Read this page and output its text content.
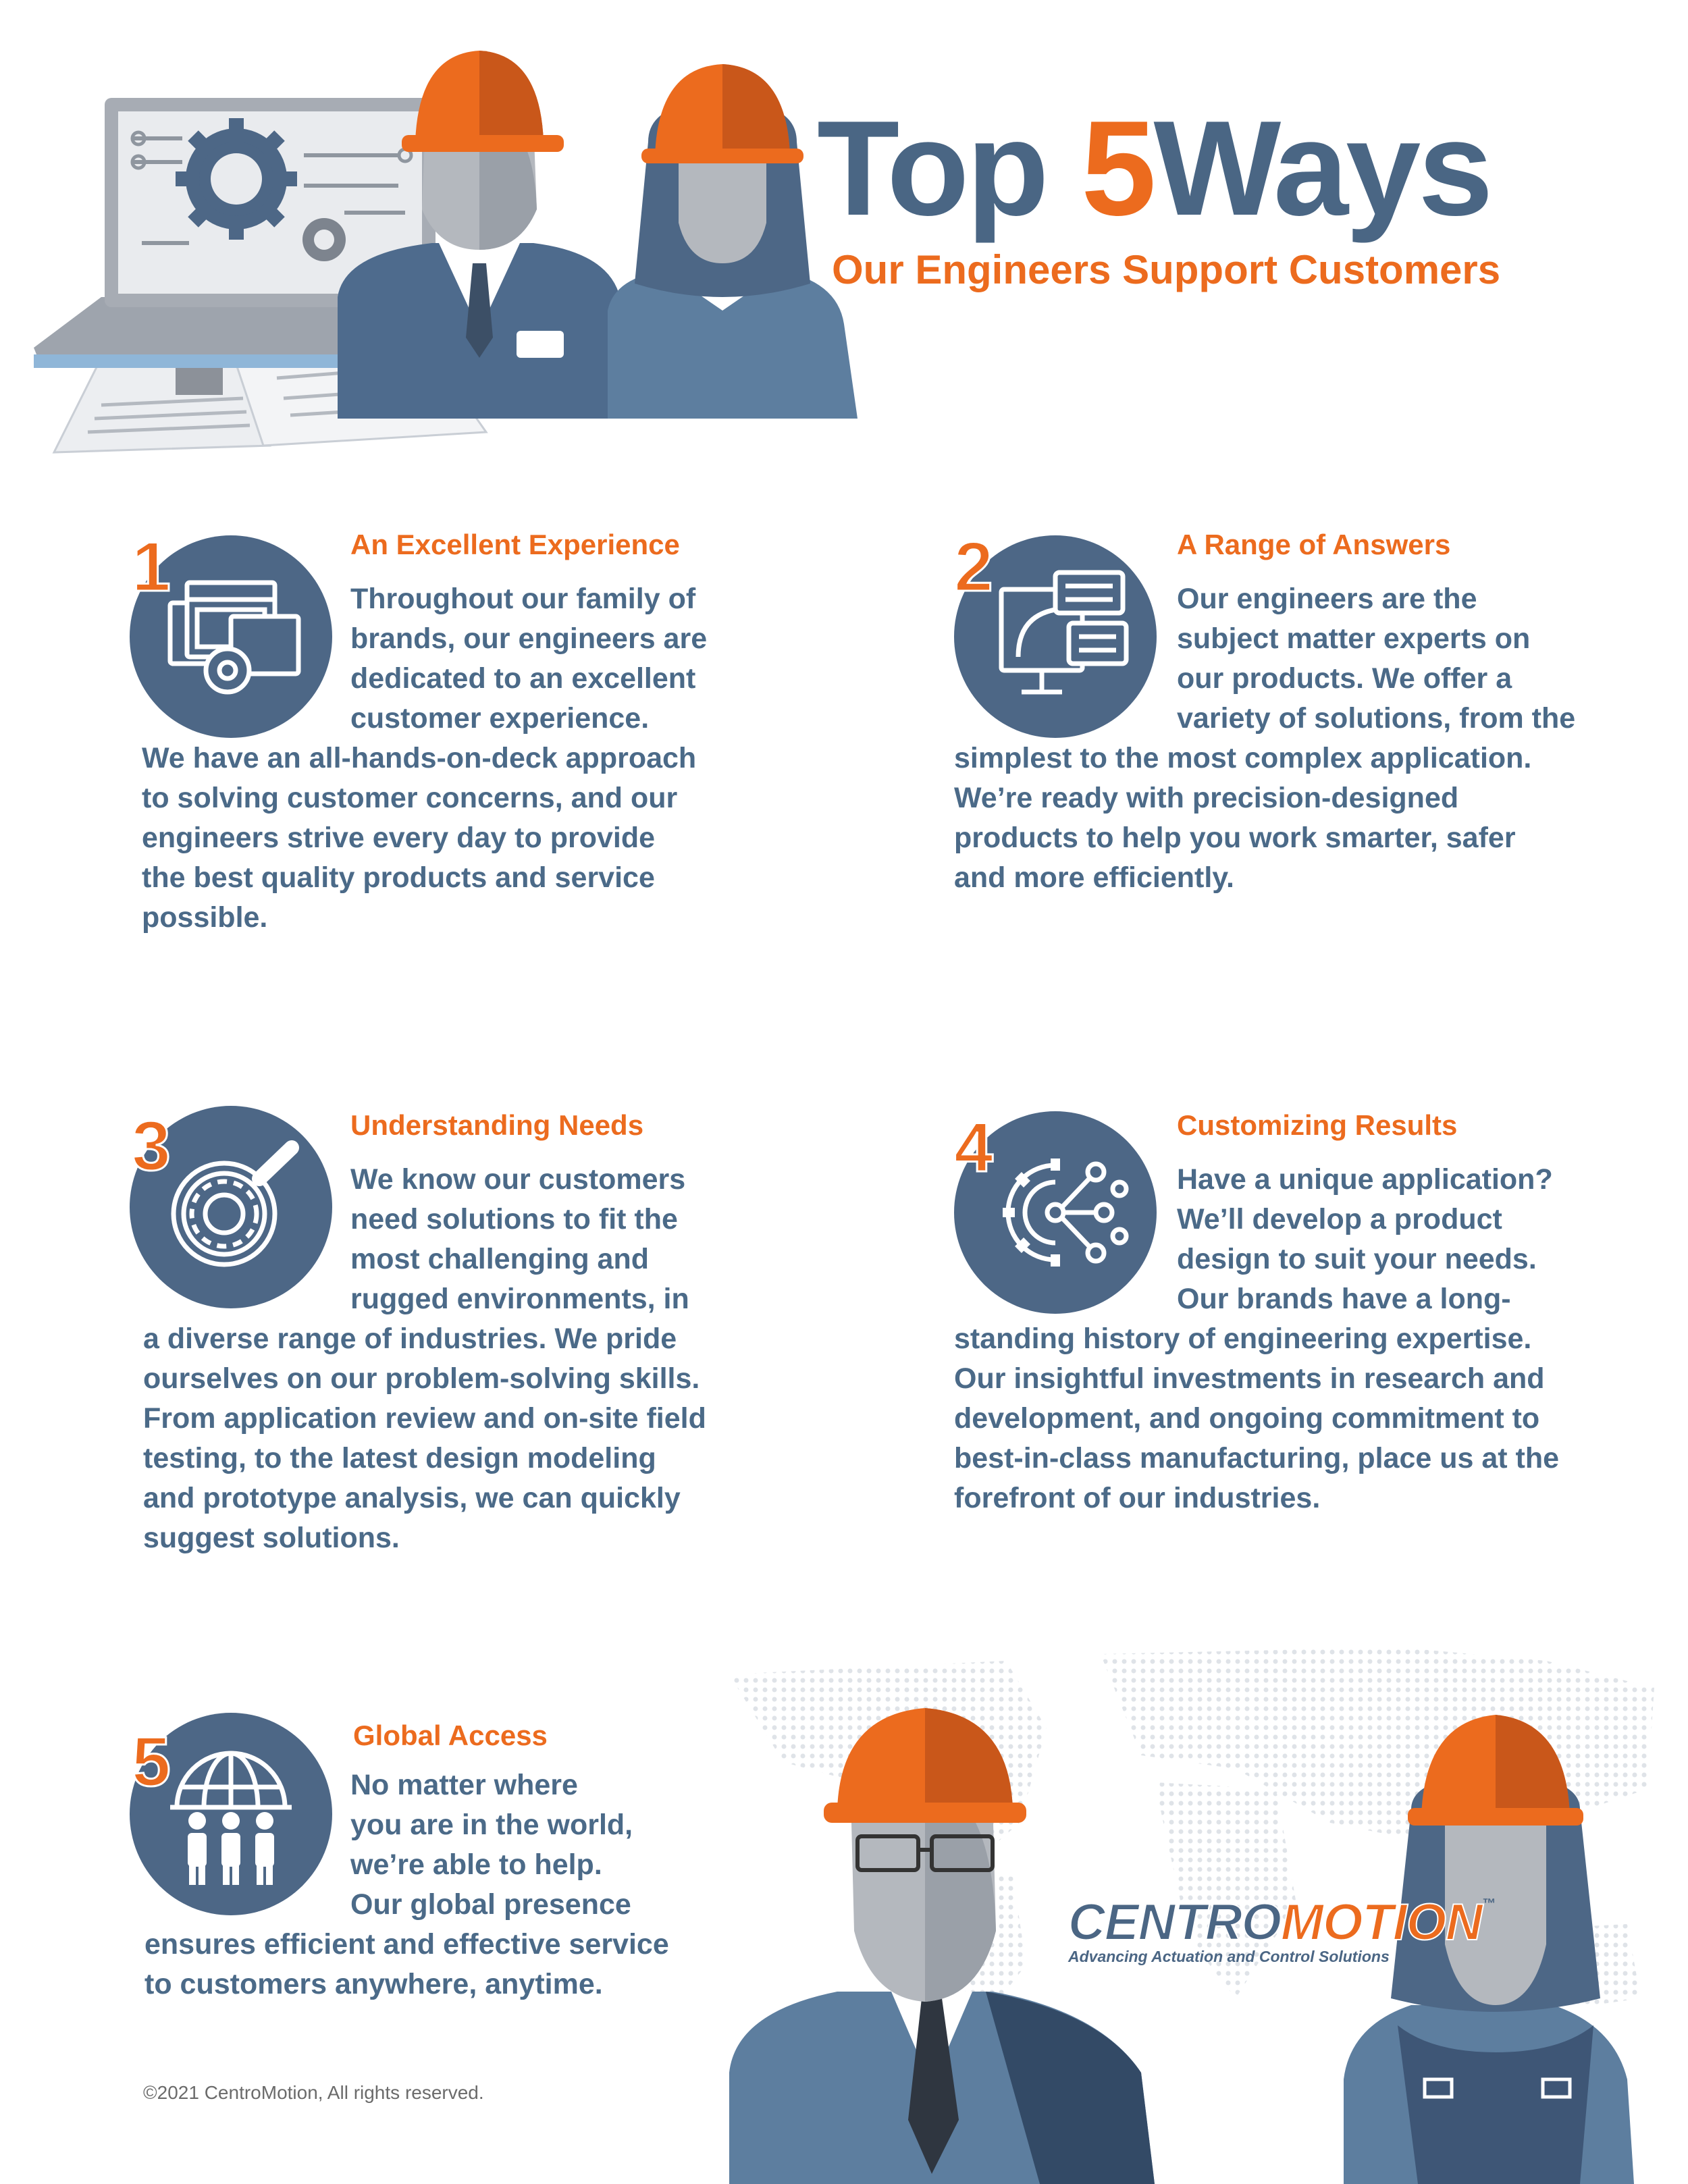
Top 5Ways
Our Engineers Support Customers
1	An Excellent Experience
Throughout our family of
brands, our engineers are
dedicated to an excellent
customer experience.
We have an all-hands-on-deck approach
to solving customer concerns, and our
engineers strive every day to provide
the best quality products and service
possible.
2	A Range of Answers
Our engineers are the
subject matter experts on
our products. We offer a
variety of solutions, from the
simplest to the most complex application.
We’re ready with precision-designed
products to help you work smarter, safer
and more efficiently.
3	Understanding Needs
We know our customers
need solutions to fit the
most challenging and
rugged environments, in
a diverse range of industries. We pride
ourselves on our problem-solving skills.
From application review and on-site field
testing, to the latest design modeling
and prototype analysis, we can quickly
suggest solutions.
4	Customizing Results
Have a unique application?
We’ll develop a product
design to suit your needs.
Our brands have a long-
standing history of engineering expertise.
Our insightful investments in research and
development, and ongoing commitment to
best-in-class manufacturing, place us at the
forefront of our industries.
5	Global Access
No matter where
you are in the world,
we’re able to help.
Our global presence
ensures efficient and effective service
to customers anywhere, anytime.
CENTROMOTION™
Advancing Actuation and Control Solutions
©2021 CentroMotion, All rights reserved.
